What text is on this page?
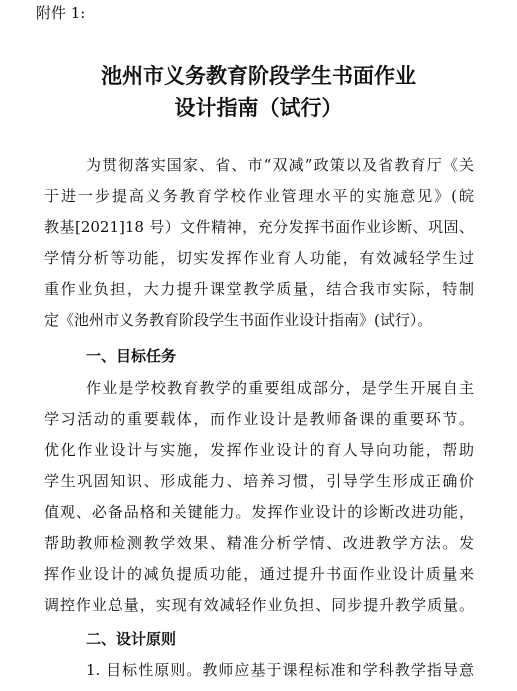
附件 1:
池州市义务教育阶段学生书面作业
设计指南（试行）
为贯彻落实国家、省、市“双减”政策以及省教育厅《关
于进一步提高义务教育学校作业管理水平的实施意见》(皖
教基[2021]18 号）文件精神，充分发挥书面作业诊断、巩固、
学情分析等功能，切实发挥作业育人功能，有效减轻学生过
重作业负担，大力提升课堂教学质量，结合我市实际，特制
定《池州市义务教育阶段学生书面作业设计指南》(试行）。
一、目标任务
作业是学校教育教学的重要组成部分，是学生开展自主
学习活动的重要载体，而作业设计是教师备课的重要环节。
优化作业设计与实施，发挥作业设计的育人导向功能，帮助
学生巩固知识、形成能力、培养习惯，引导学生形成正确价
值观、必备品格和关键能力。发挥作业设计的诊断改进功能，
帮助教师检测教学效果、精准分析学情、改进教学方法。发
挥作业设计的减负提质功能，通过提升书面作业设计质量来
调控作业总量，实现有效减轻作业负担、同步提升教学质量。
二、设计原则
1. 目标性原则。教师应基于课程标准和学科教学指导意
